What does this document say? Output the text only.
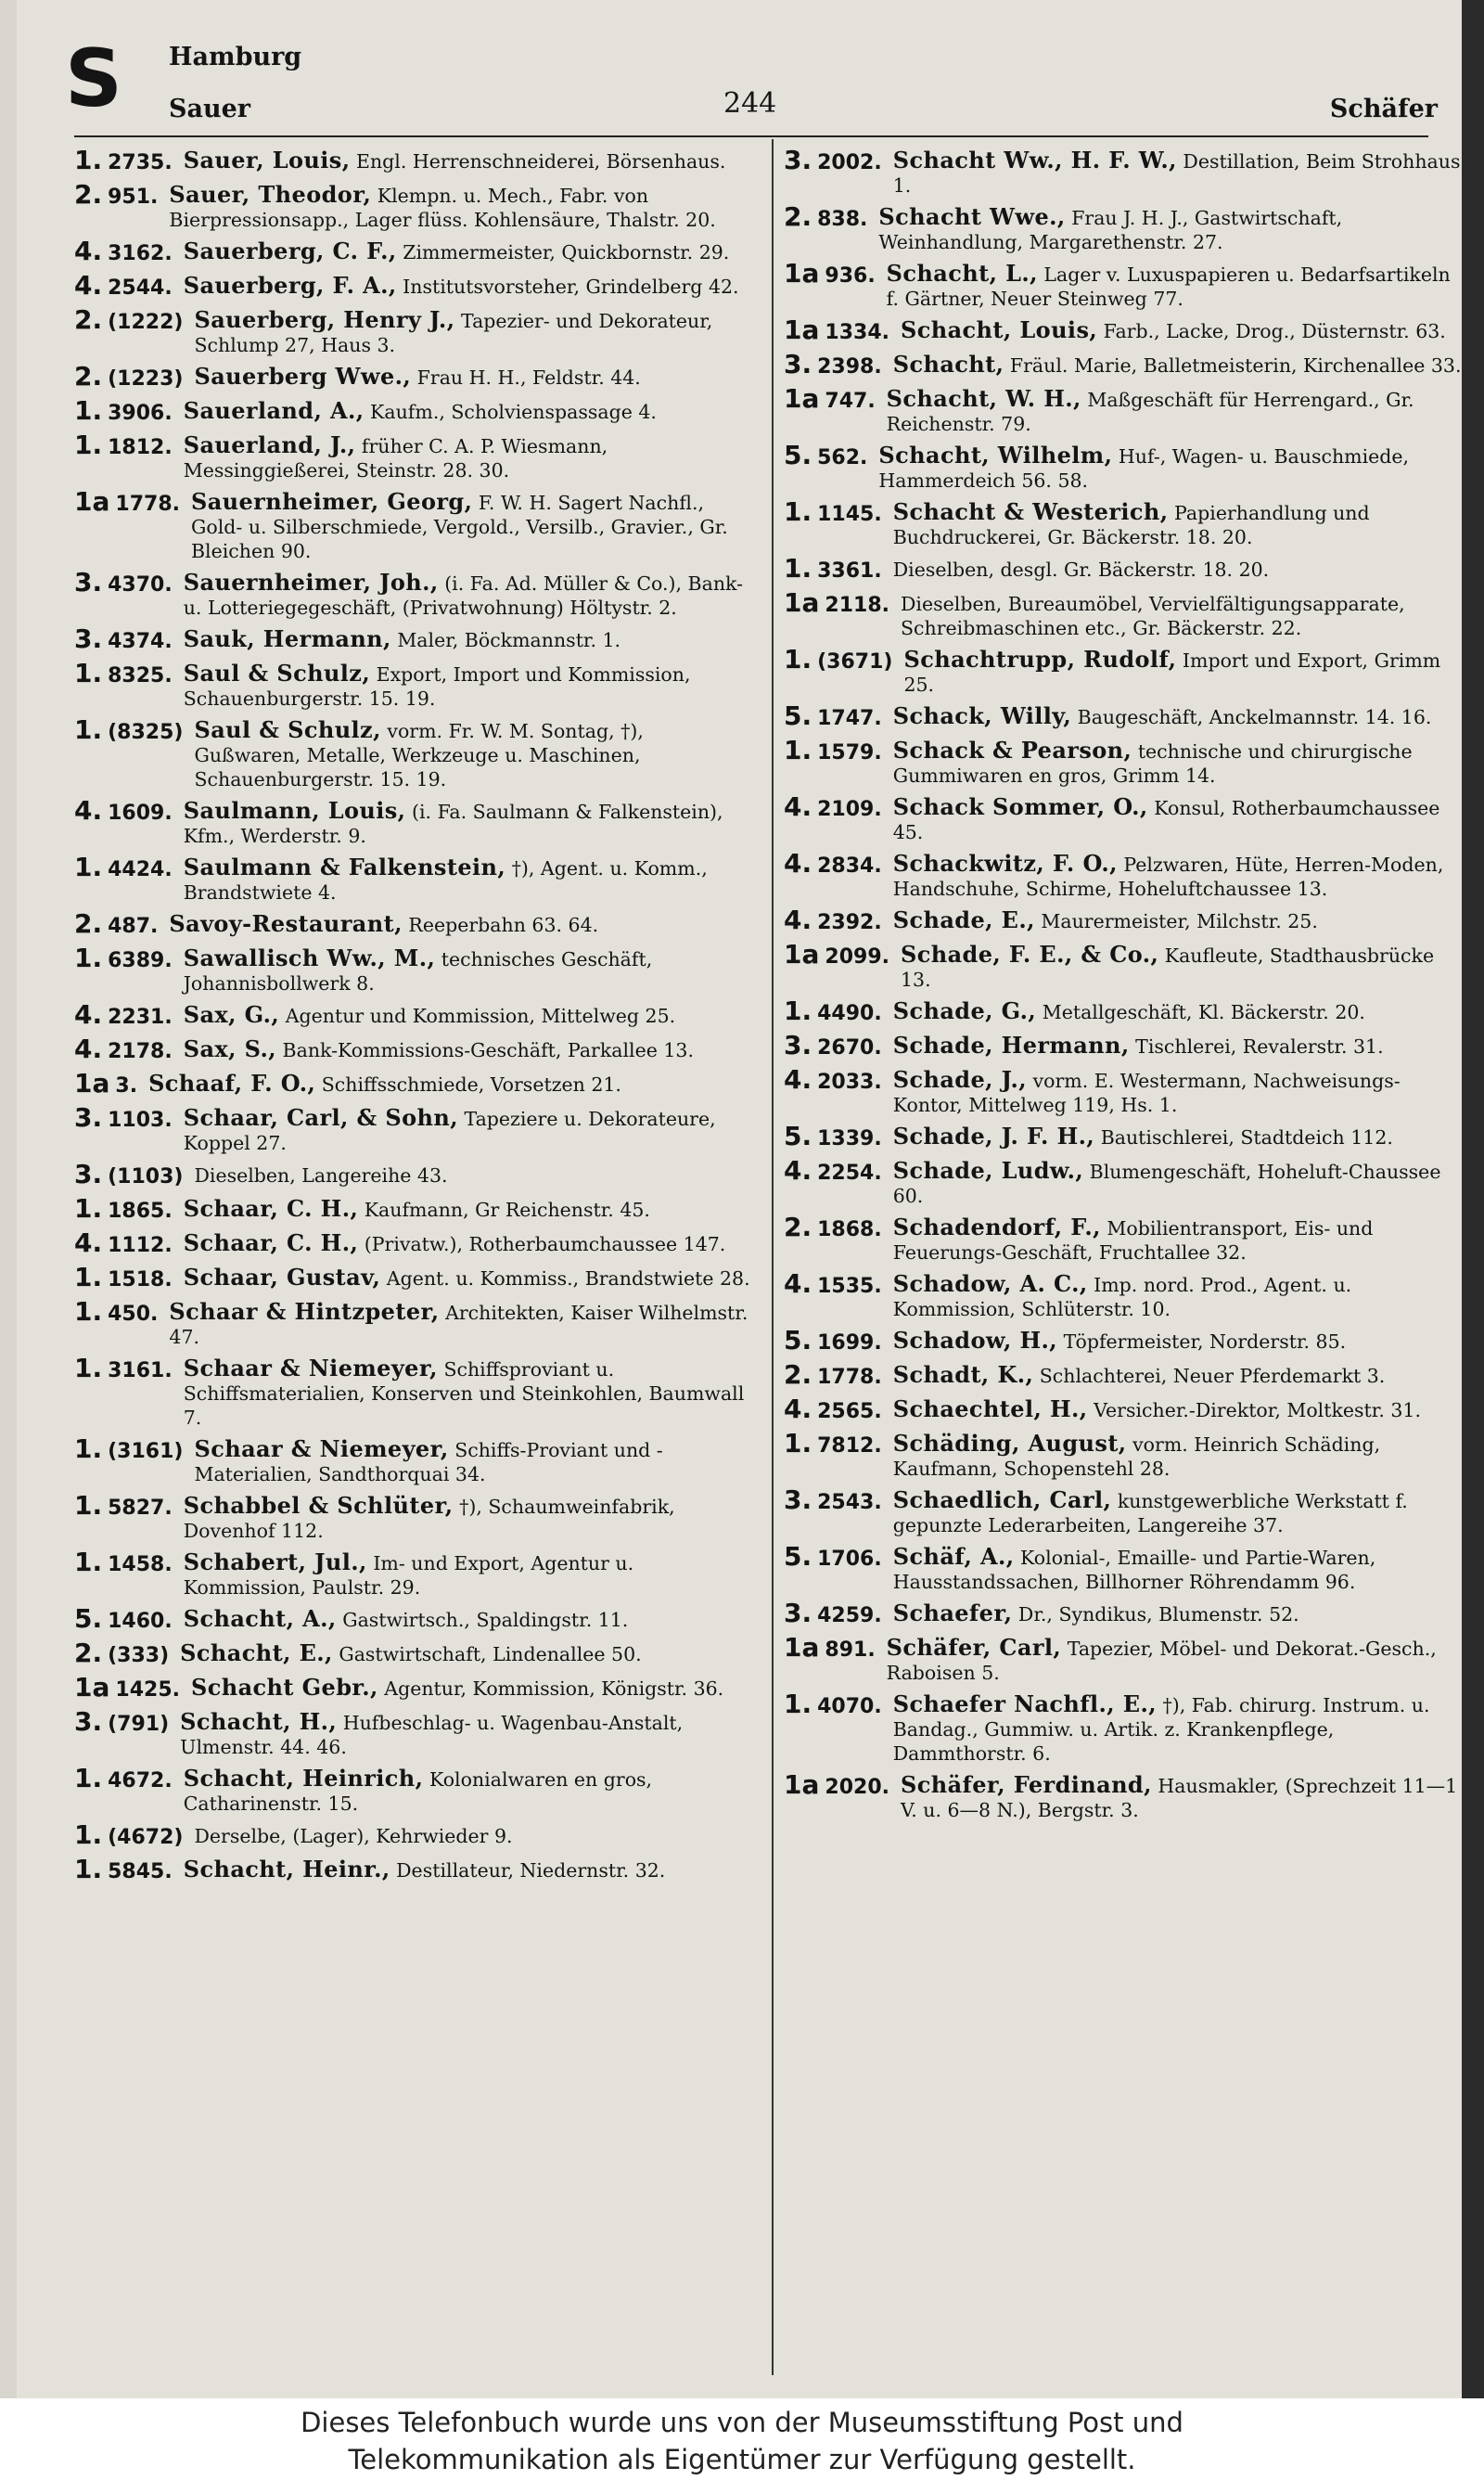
S Hamburg
Sauer	244	Schäfer
1. 2735. Sauer, Louis, Engl. Herrenschneiderei, Börsenhaus.
2. 951. Sauer, Theodor, Klempn. u. Mech., Fabr. von Bierpressionsapp., Lager flüss. Kohlensäure, Thalstr. 20.
4. 3162. Sauerberg, C. F., Zimmermeister, Quickbornstr. 29.
4. 2544. Sauerberg, F. A., Institutsvorsteher, Grindelberg 42.
2. (1222) Sauerberg, Henry J., Tapezier- und Dekorateur, Schlump 27, Haus 3.
2. (1223) Sauerberg Wwe., Frau H. H., Feldstr. 44.
1. 3906. Sauerland, A., Kaufm., Scholvienspassage 4.
1. 1812. Sauerland, J., früher C. A. P. Wiesmann, Messinggießerei, Steinstr. 28. 30.
1a 1778. Sauernheimer, Georg, F. W. H. Sagert Nachfl., Gold- u. Silberschmiede, Vergold., Versilb., Gravier., Gr. Bleichen 90.
3. 4370. Sauernheimer, Joh., (i. Fa. Ad. Müller & Co.), Bank- u. Lotteriegegeschäft, (Privatwohnung) Höltystr. 2.
3. 4374. Sauk, Hermann, Maler, Böckmannstr. 1.
1. 8325. Saul & Schulz, Export, Import und Kommission, Schauenburgerstr. 15. 19.
1. (8325) Saul & Schulz, vorm. Fr. W. M. Sontag, †), Gußwaren, Metalle, Werkzeuge u. Maschinen, Schauenburgerstr. 15. 19.
4. 1609. Saulmann, Louis, (i. Fa. Saulmann & Falkenstein), Kfm., Werderstr. 9.
1. 4424. Saulmann & Falkenstein, †), Agent. u. Komm., Brandstwiete 4.
2. 487. Savoy-Restaurant, Reeperbahn 63. 64.
1. 6389. Sawallisch Ww., M., technisches Geschäft, Johannisbollwerk 8.
4. 2231. Sax, G., Agentur und Kommission, Mittelweg 25.
4. 2178. Sax, S., Bank-Kommissions-Geschäft, Parkallee 13.
1a 3. Schaaf, F. O., Schiffsschmiede, Vorsetzen 21.
3. 1103. Schaar, Carl, & Sohn, Tapeziere u. Dekorateure, Koppel 27.
3. (1103) Dieselben, Langereihe 43.
1. 1865. Schaar, C. H., Kaufmann, Gr Reichenstr. 45.
4. 1112. Schaar, C. H., (Privatw.), Rotherbaumchaussee 147.
1. 1518. Schaar, Gustav, Agent. u. Kommiss., Brandstwiete 28.
1. 450. Schaar & Hintzpeter, Architekten, Kaiser Wilhelmstr. 47.
1. 3161. Schaar & Niemeyer, Schiffsproviant u. Schiffsmaterialien, Konserven und Steinkohlen, Baumwall 7.
1. (3161) Schaar & Niemeyer, Schiffs-Proviant und -Materialien, Sandthorquai 34.
1. 5827. Schabbel & Schlüter, †), Schaumweinfabrik, Dovenhof 112.
1. 1458. Schabert, Jul., Im- und Export, Agentur u. Kommission, Paulstr. 29.
5. 1460. Schacht, A., Gastwirtsch., Spaldingstr. 11.
2. (333) Schacht, E., Gastwirtschaft, Lindenallee 50.
1a 1425. Schacht Gebr., Agentur, Kommission, Königstr. 36.
3. (791) Schacht, H., Hufbeschlag- u. Wagenbau-Anstalt, Ulmenstr. 44. 46.
1. 4672. Schacht, Heinrich, Kolonialwaren en gros, Catharinenstr. 15.
1. (4672) Derselbe, (Lager), Kehrwieder 9.
1. 5845. Schacht, Heinr., Destillateur, Niedernstr. 32.
3. 2002. Schacht Ww., H. F. W., Destillation, Beim Strohhaus 1.
2. 838. Schacht Wwe., Frau J. H. J., Gastwirtschaft, Weinhandlung, Margarethenstr. 27.
1a 936. Schacht, L., Lager v. Luxuspapieren u. Bedarfsartikeln f. Gärtner, Neuer Steinweg 77.
1a 1334. Schacht, Louis, Farb., Lacke, Drog., Düsternstr. 63.
3. 2398. Schacht, Fräul. Marie, Balletmeisterin, Kirchenallee 33.
1a 747. Schacht, W. H., Maßgeschäft für Herrengard., Gr. Reichenstr. 79.
5. 562. Schacht, Wilhelm, Huf-, Wagen- u. Bauschmiede, Hammerdeich 56. 58.
1. 1145. Schacht & Westerich, Papierhandlung und Buchdruckerei, Gr. Bäckerstr. 18. 20.
1. 3361. Dieselben, desgl. Gr. Bäckerstr. 18. 20.
1a 2118. Dieselben, Bureaumöbel, Vervielfältigungsapparate, Schreibmaschinen etc., Gr. Bäckerstr. 22.
1. (3671) Schachtrupp, Rudolf, Import und Export, Grimm 25.
5. 1747. Schack, Willy, Baugeschäft, Anckelmannstr. 14. 16.
1. 1579. Schack & Pearson, technische und chirurgische Gummiwaren en gros, Grimm 14.
4. 2109. Schack Sommer, O., Konsul, Rotherbaumchaussee 45.
4. 2834. Schackwitz, F. O., Pelzwaren, Hüte, Herren-Moden, Handschuhe, Schirme, Hoheluftchaussee 13.
4. 2392. Schade, E., Maurermeister, Milchstr. 25.
1a 2099. Schade, F. E., & Co., Kaufleute, Stadthausbrücke 13.
1. 4490. Schade, G., Metallgeschäft, Kl. Bäckerstr. 20.
3. 2670. Schade, Hermann, Tischlerei, Revalerstr. 31.
4. 2033. Schade, J., vorm. E. Westermann, Nachweisungs-Kontor, Mittelweg 119, Hs. 1.
5. 1339. Schade, J. F. H., Bautischlerei, Stadtdeich 112.
4. 2254. Schade, Ludw., Blumengeschäft, Hoheluft-Chaussee 60.
2. 1868. Schadendorf, F., Mobilientransport, Eis- und Feuerungs-Geschäft, Fruchtallee 32.
4. 1535. Schadow, A. C., Imp. nord. Prod., Agent. u. Kommission, Schlüterstr. 10.
5. 1699. Schadow, H., Töpfermeister, Norderstr. 85.
2. 1778. Schadt, K., Schlachterei, Neuer Pferdemarkt 3.
4. 2565. Schaechtel, H., Versicher.-Direktor, Moltkestr. 31.
1. 7812. Schäding, August, vorm. Heinrich Schäding, Kaufmann, Schopenstehl 28.
3. 2543. Schaedlich, Carl, kunstgewerbliche Werkstatt f. gepunzte Lederarbeiten, Langereihe 37.
5. 1706. Schäf, A., Kolonial-, Emaille- und Partie-Waren, Hausstandssachen, Billhorner Röhrendamm 96.
3. 4259. Schaefer, Dr., Syndikus, Blumenstr. 52.
1a 891. Schäfer, Carl, Tapezier, Möbel- und Dekorat.-Gesch., Raboisen 5.
1. 4070. Schaefer Nachfl., E., †), Fab. chirurg. Instrum. u. Bandag., Gummiw. u. Artik. z. Krankenpflege, Dammthorstr. 6.
1a 2020. Schäfer, Ferdinand, Hausmakler, (Sprechzeit 11—1 V. u. 6—8 N.), Bergstr. 3.
Dieses Telefonbuch wurde uns von der Museumsstiftung Post und
Telekommunikation als Eigentümer zur Verfügung gestellt.
